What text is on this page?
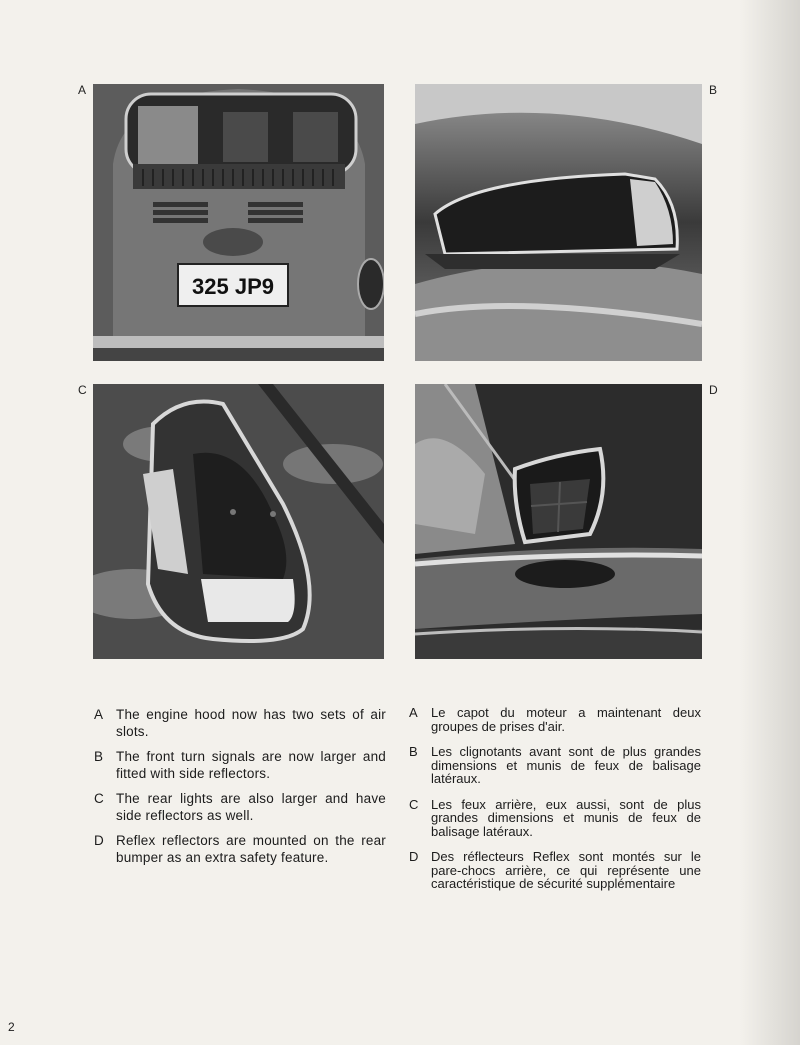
A
325 JP9
B
C	D
A The engine hood now has two sets of air slots.
B The front turn signals are now larger and fitted with side reflectors.
C The rear lights are also larger and have side reflectors as well.
D Reflex reflectors are mounted on the rear bumper as an extra safety feature.
A	Le capot du moteur a maintenant deux groupes de prises d'air.
B	Les clignotants avant sont de plus grandes dimensions et munis de feux de balisage latéraux.
C Les feux arrière, eux aussi, sont de plus grandes dimensions et munis de feux de balisage latéraux.
D Des réflecteurs Reflex sont montés sur le pare-chocs arrière, ce qui représente une caractéristique de sécurité supplémentaire
2
